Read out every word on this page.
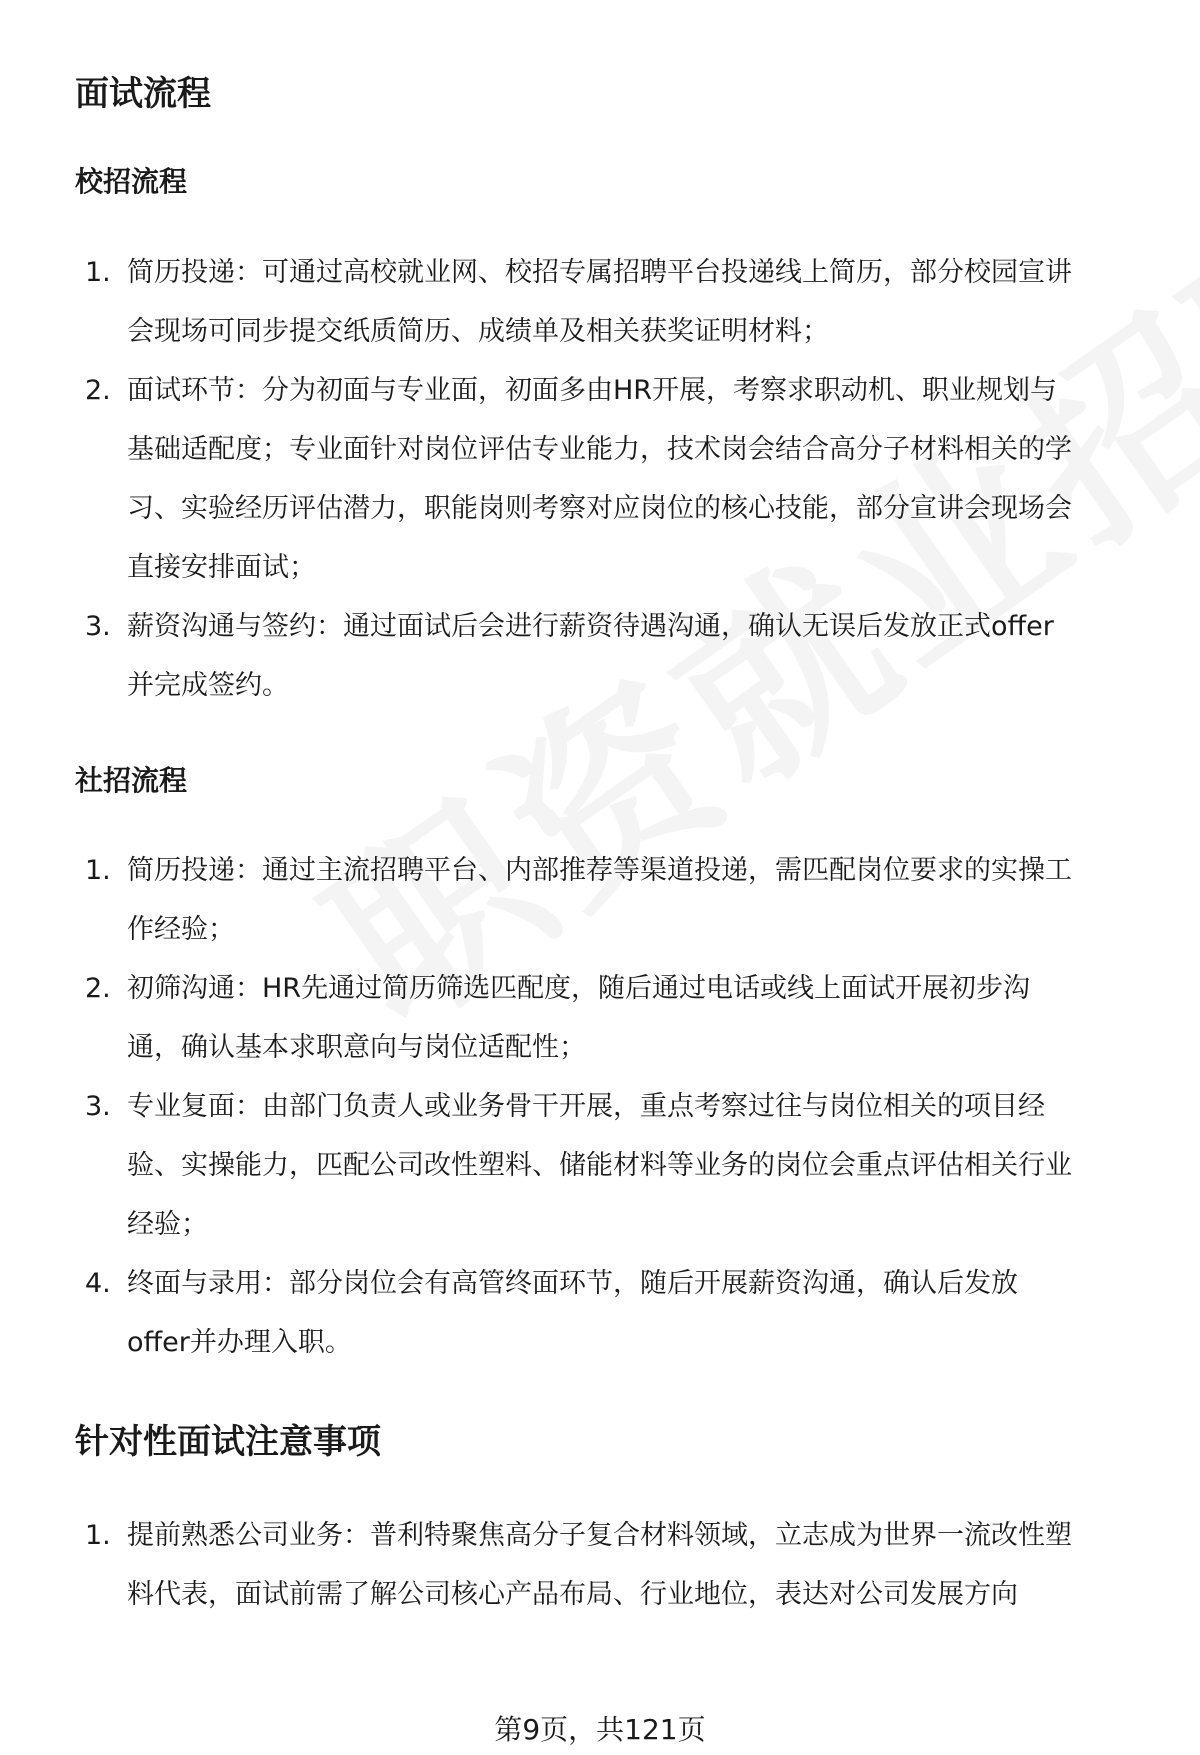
面试流程
校招流程
1. 简历投递：可通过高校就业网、校招专属招聘平台投递线上简历，部分校园宣讲会现场可同步提交纸质简历、成绩单及相关获奖证明材料；
2. 面试环节：分为初面与专业面，初面多由HR开展，考察求职动机、职业规划与基础适配度；专业面针对岗位评估专业能力，技术岗会结合高分子材料相关的学习、实验经历评估潜力，职能岗则考察对应岗位的核心技能，部分宣讲会现场会直接安排面试；
3. 薪资沟通与签约：通过面试后会进行薪资待遇沟通，确认无误后发放正式offer并完成签约。
社招流程
1. 简历投递：通过主流招聘平台、内部推荐等渠道投递，需匹配岗位要求的实操工作经验；
2. 初筛沟通：HR先通过简历筛选匹配度，随后通过电话或线上面试开展初步沟通，确认基本求职意向与岗位适配性；
3. 专业复面：由部门负责人或业务骨干开展，重点考察过往与岗位相关的项目经验、实操能力，匹配公司改性塑料、储能材料等业务的岗位会重点评估相关行业经验；
4. 终面与录用：部分岗位会有高管终面环节，随后开展薪资沟通，确认后发放offer并办理入职。
针对性面试注意事项
1. 提前熟悉公司业务：普利特聚焦高分子复合材料领域，立志成为世界一流改性塑料代表，面试前需了解公司核心产品布局、行业地位，表达对公司发展方向
第9页，共121页
